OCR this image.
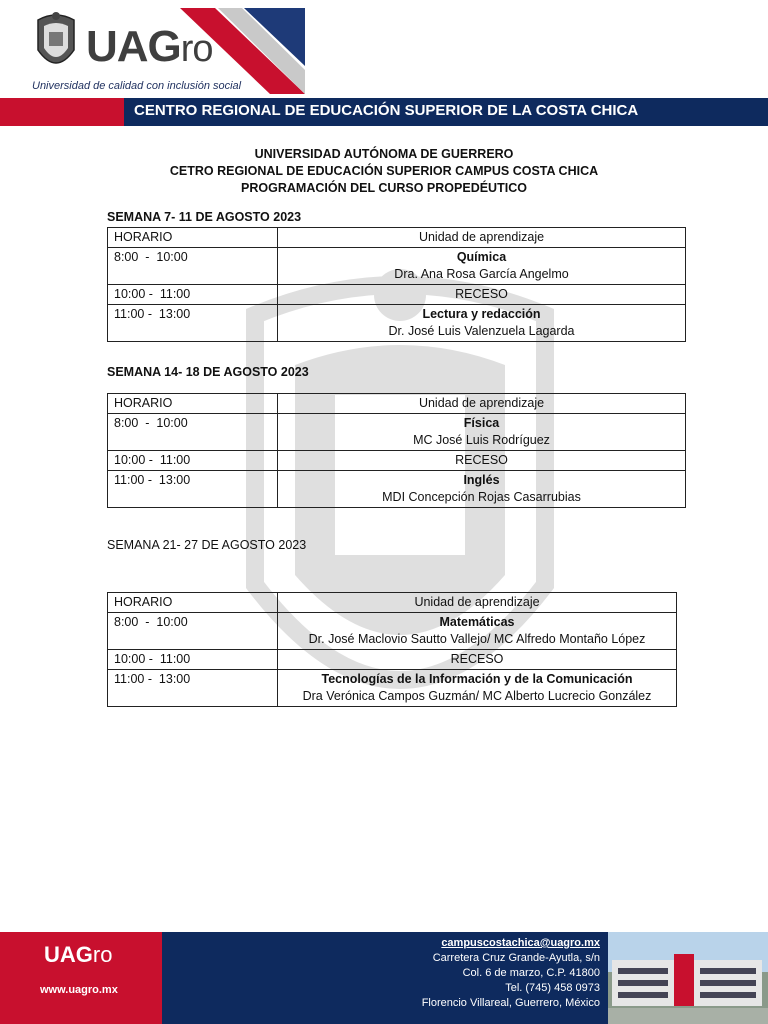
UAGro
Universidad de calidad con inclusión social
CENTRO REGIONAL DE EDUCACIÓN SUPERIOR DE LA COSTA CHICA
UNIVERSIDAD AUTÓNOMA DE GUERRERO
CETRO REGIONAL DE EDUCACIÓN SUPERIOR CAMPUS COSTA CHICA
PROGRAMACIÓN DEL CURSO PROPEDÉUTICO
SEMANA 7- 11 DE AGOSTO 2023
HORARIO	Unidad de aprendizaje
8:00  -  10:00	Química
Dra. Ana Rosa García Angelmo

10:00 -  11:00	RECESO
11:00 -  13:00	Lectura y redacción
Dr. José Luis Valenzuela Lagarda
SEMANA 14- 18 DE AGOSTO 2023
HORARIO	Unidad de aprendizaje
8:00  -  10:00	Física
MC José Luis Rodríguez

10:00 -  11:00	RECESO
11:00 -  13:00	Inglés
MDI Concepción Rojas Casarrubias
SEMANA 21- 27 DE AGOSTO 2023
HORARIO	Unidad de aprendizaje
8:00  -  10:00	Matemáticas
Dr. José Maclovio Sautto Vallejo/ MC Alfredo Montaño López

10:00 -  11:00	RECESO
11:00 -  13:00	Tecnologías de la Información y de la Comunicación
Dra Verónica Campos Guzmán/ MC Alberto Lucrecio González
UAGro
www.uagro.mx
campuscostachica@uagro.mx
Carretera Cruz Grande-Ayutla, s/n
Col. 6 de marzo, C.P. 41800
Tel. (745) 458 0973
Florencio Villareal, Guerrero, México
